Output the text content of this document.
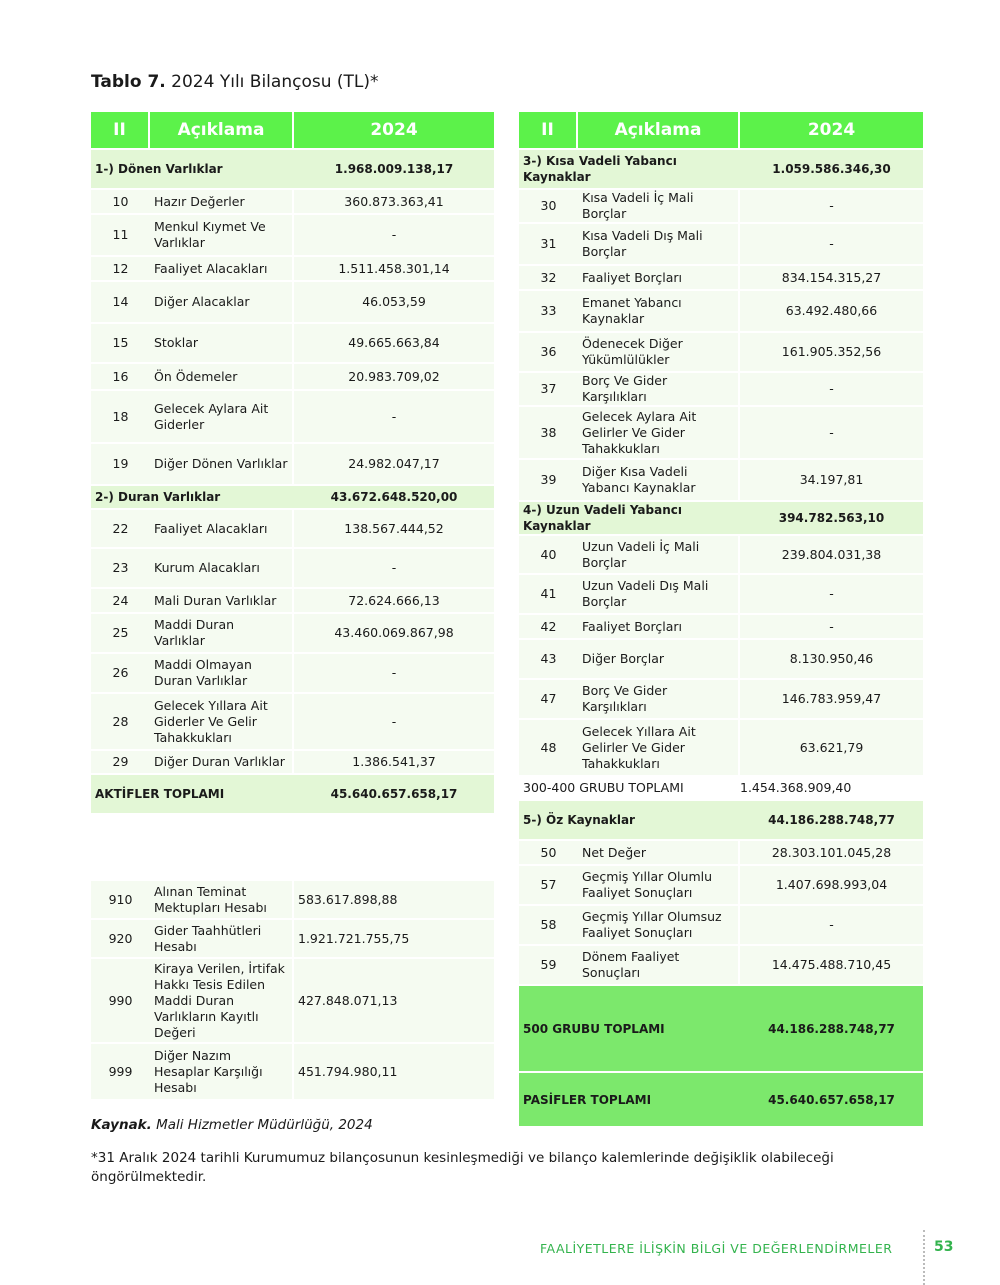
Tablo 7. 2024 Yılı Bilançosu (TL)*
II	Açıklama	2024
1-) Dönen Varlıklar		1.968.009.138,17
10	Hazır Değerler	360.873.363,41
11	Menkul Kıymet Ve Varlıklar	-
12	Faaliyet Alacakları	1.511.458.301,14
14	Diğer Alacaklar	46.053,59
15	Stoklar	49.665.663,84
16	Ön Ödemeler	20.983.709,02
18	Gelecek Aylara Ait Giderler	-
19	Diğer Dönen Varlıklar	24.982.047,17
2-) Duran Varlıklar		43.672.648.520,00
22	Faaliyet Alacakları	138.567.444,52
23	Kurum Alacakları	-
24	Mali Duran Varlıklar	72.624.666,13
25	Maddi Duran Varlıklar	43.460.069.867,98
26	Maddi Olmayan Duran Varlıklar	-
28	Gelecek Yıllara Ait Giderler Ve Gelir Tahakkukları	-
29	Diğer Duran Varlıklar	1.386.541,37
AKTİFLER TOPLAMI		45.640.657.658,17
910	Alınan Teminat Mektupları Hesabı	583.617.898,88
920	Gider Taahhütleri Hesabı	1.921.721.755,75
990	Kiraya Verilen, İrtifak Hakkı Tesis Edilen Maddi Duran Varlıkların Kayıtlı Değeri	427.848.071,13
999	Diğer Nazım Hesaplar Karşılığı Hesabı	451.794.980,11
II	Açıklama	2024
3-) Kısa Vadeli Yabancı Kaynaklar		1.059.586.346,30
30	Kısa Vadeli İç Mali Borçlar	-
31	Kısa Vadeli Dış Mali Borçlar	-
32	Faaliyet Borçları	834.154.315,27
33	Emanet Yabancı Kaynaklar	63.492.480,66
36	Ödenecek Diğer Yükümlülükler	161.905.352,56
37	Borç Ve Gider Karşılıkları	-
38	Gelecek Aylara Ait Gelirler Ve Gider Tahakkukları	-
39	Diğer Kısa Vadeli Yabancı Kaynaklar	34.197,81
4-) Uzun Vadeli Yabancı Kaynaklar		394.782.563,10
40	Uzun Vadeli İç Mali Borçlar	239.804.031,38
41	Uzun Vadeli Dış Mali Borçlar	-
42	Faaliyet Borçları	-
43	Diğer Borçlar	8.130.950,46
47	Borç Ve Gider Karşılıkları	146.783.959,47
48	Gelecek Yıllara Ait Gelirler Ve Gider Tahakkukları	63.621,79
300-400 GRUBU TOPLAMI		1.454.368.909,40
5-) Öz Kaynaklar		44.186.288.748,77
50	Net Değer	28.303.101.045,28
57	Geçmiş Yıllar Olumlu Faaliyet Sonuçları	1.407.698.993,04
58	Geçmiş Yıllar Olumsuz Faaliyet Sonuçları	-
59	Dönem Faaliyet Sonuçları	14.475.488.710,45
500 GRUBU TOPLAMI		44.186.288.748,77
PASİFLER TOPLAMI		45.640.657.658,17
Kaynak. Mali Hizmetler Müdürlüğü, 2024
*31 Aralık 2024 tarihli Kurumumuz bilançosunun kesinleşmediği ve bilanço kalemlerinde değişiklik olabileceği öngörülmektedir.
FAALİYETLERE İLİŞKİN BİLGİ VE DEĞERLENDİRMELER	53
